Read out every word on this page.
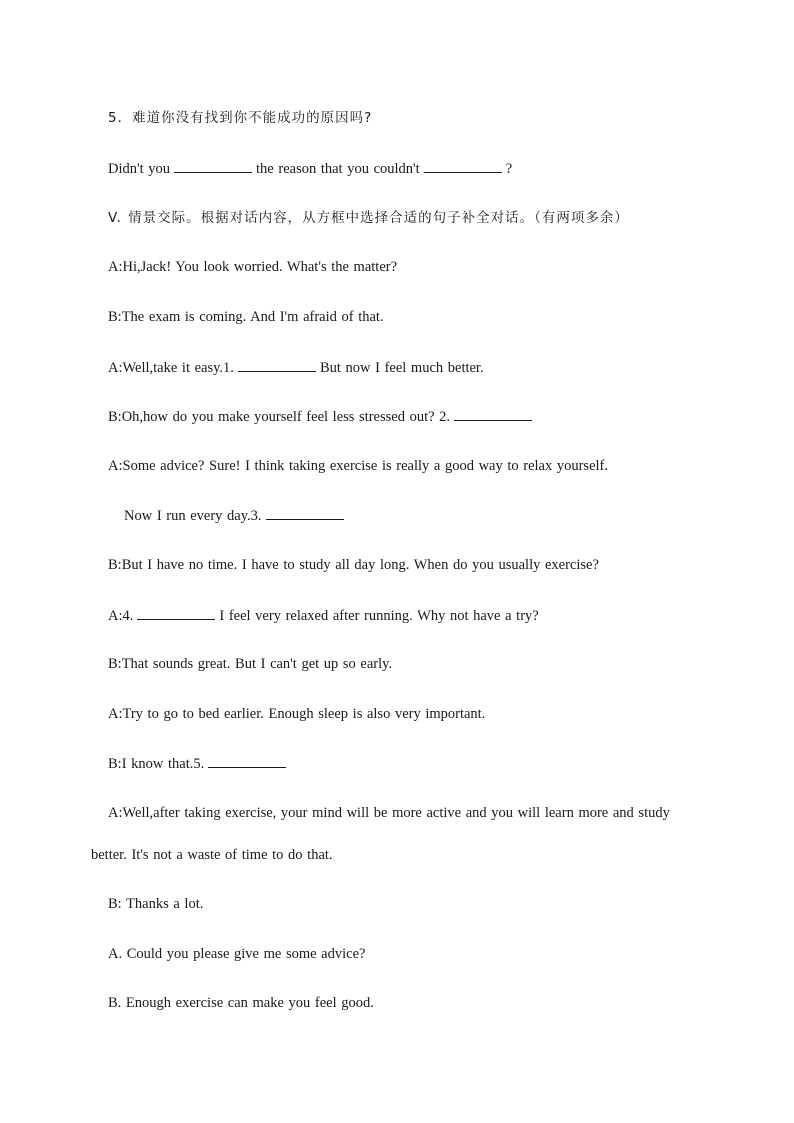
5．难道你没有找到你不能成功的原因吗?
Didn't you	the reason that you couldn't	?
V. 情景交际。根据对话内容，从方框中选择合适的句子补全对话。（有两项多余）
A:Hi,Jack! You look worried. What's the matter?
B:The exam is coming. And I'm afraid of that.
A:Well,take it easy.1.	But now I feel much better.
B:Oh,how do you make yourself feel less stressed out? 2.
A:Some advice? Sure! I think taking exercise is really a good way to relax yourself.
Now I run every day.3.
B:But I have no time. I have to study all day long. When do you usually exercise?
A:4.	I feel very relaxed after running. Why not have a try?
B:That sounds great. But I can't get up so early.
A:Try to go to bed earlier. Enough sleep is also very important.
B:I know that.5.
A:Well,after taking exercise, your mind will be more active and you will learn more and study
better. It's not a waste of time to do that.
B: Thanks a lot.
A. Could you please give me some advice?
B. Enough exercise can make you feel good.
